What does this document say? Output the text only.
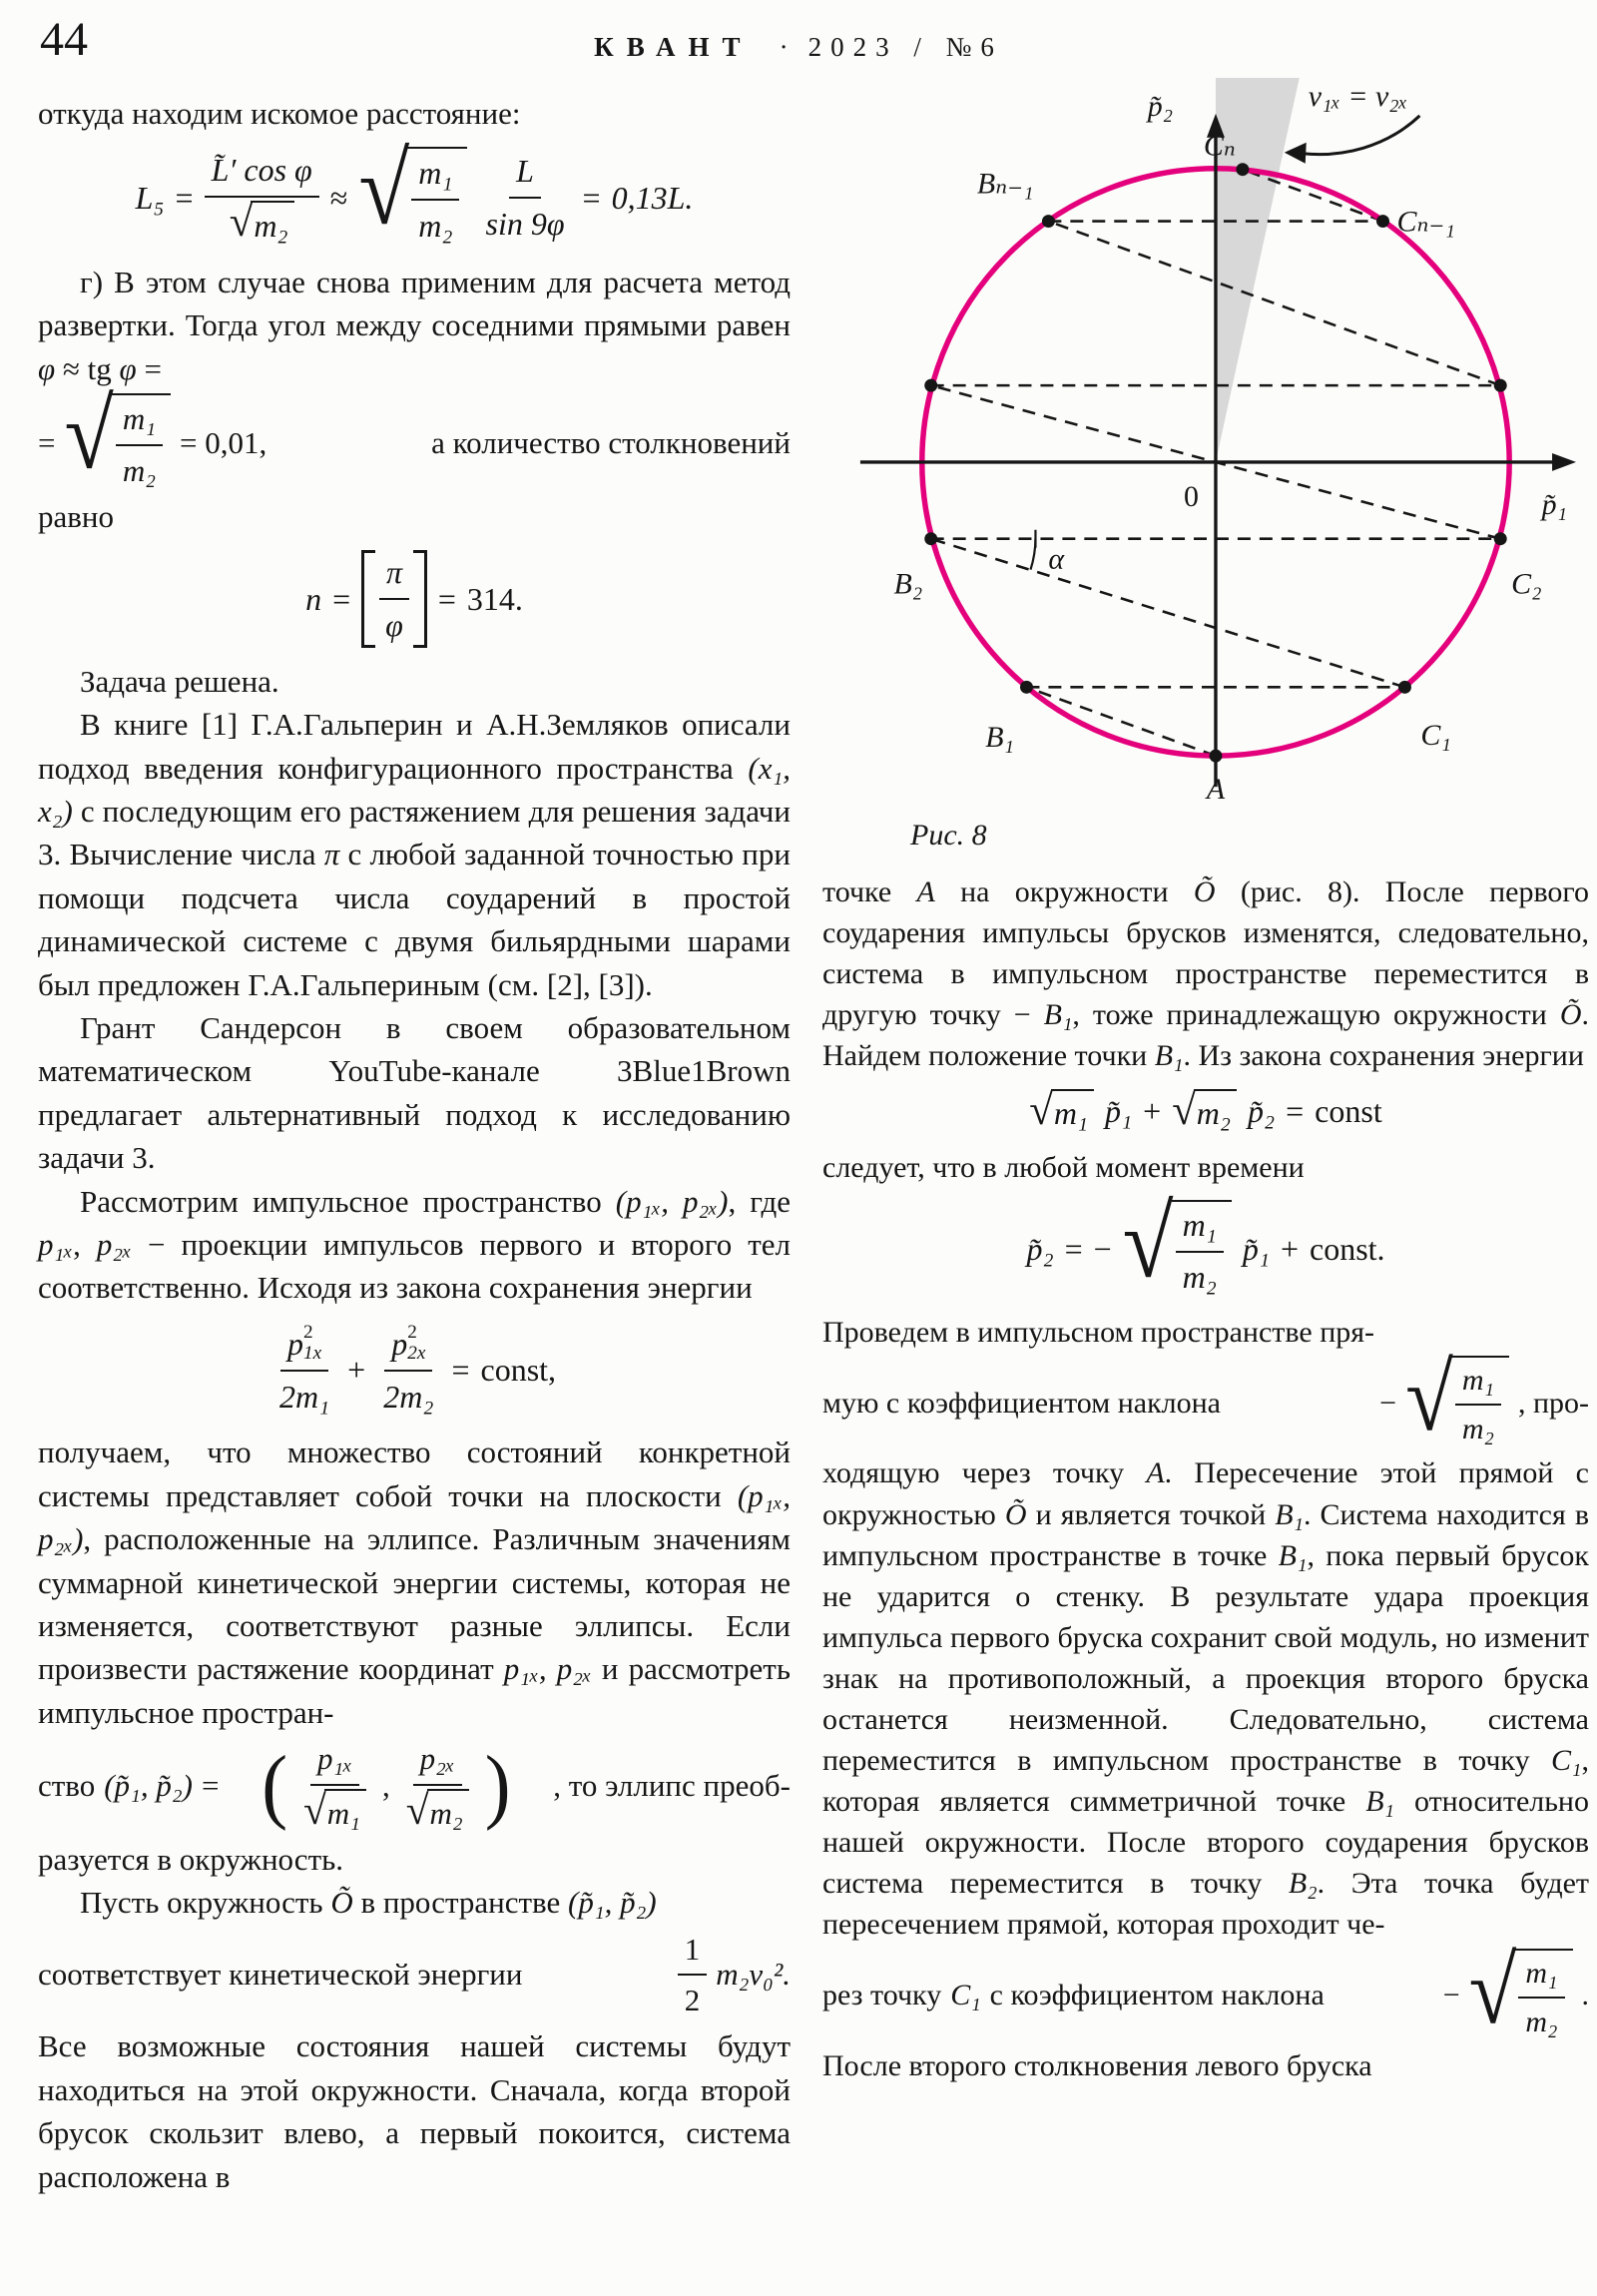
44	КВАНТ · 2023 / №6

откуда находим искомое расстояние:

$L_5 = \frac{\text{L̃′ cos φ}}{\text{√ m₂}}$ ≈ √ $\frac{\text{m₁}}{\text{m₂}} \frac{L}{\sin 9\varphi} = 0,13L$.

г) В этом случае снова применим для расчета метод развертки. Тогда угол между соседними прямыми равен φ ≈ tg φ =

= √ $\frac{\text{m₁}}{\text{m₂}} = 0,01$,	а количество столкновений

равно

$n = \frac{\pi}{\varphi} = 314$.

Задача решена.

В книге [1] Г.А.Гальперин и А.Н.Земляков описали подход введения конфигурационного пространства (x₁, x₂) с последующим его растяжением для решения задачи 3. Вычисление числа π с любой заданной точностью при помощи подсчета числа соударений в простой динамической системе с двумя бильярдными шарами был предложен Г.А.Гальпериным (см. [2], [3]).

Грант Сандерсон в своем образовательном математическом YouTube-канале 3Blue1Brown предлагает альтернативный подход к исследованию задачи 3.

Рассмотрим импульсное пространство (p₁ₓ, p₂ₓ), где p₁ₓ, p₂ₓ − проекции импульсов первого и второго тел соответственно. Исходя из закона сохранения энергии

p 2
1x
2m₁ + p 2
2x
2m₂ = const,

получаем, что множество состояний конкретной системы представляет собой точки на плоскости (p₁ₓ, p₂ₓ), расположенные на эллипсе. Различным значениям суммарной кинетической энергии системы, которая не изменяется, соответствуют разные эллипсы. Если произвести растяжение координат p₁ₓ, p₂ₓ и рассмотреть импульсное простран-

ство (p̃₁, p̃₂) = ( $\frac{\text{p₁ₓ}}{\text{√ m₁}}$ , $\frac{\text{p₂ₓ}}{\text{√ m₂}}$ ) , то эллипс преоб-

разуется в окружность.

Пусть окружность Õ в пространстве (p̃₁, p̃₂)

соответствует кинетической энергии	$\frac{1}{2} m_2v_0^2$.

Все возможные состояния нашей системы будут находиться на этой окружности. Сначала, когда второй брусок скользит влево, а первый покоится, система расположена в

p̃₂
p̃₁
0
v₁ₓ = v₂ₓ
Cₙ
Bₙ₋₁
Cₙ₋₁
B₂	C₂
B₁	C₁
A
α
Рис. 8

точке A на окружности Õ (рис. 8). После первого соударения импульсы брусков изменятся, следовательно, система в импульсном пространстве переместится в другую точку − B₁, тоже принадлежащую окружности Õ. Найдем положение точки B₁. Из закона сохранения энергии

√ m₁ p̃₁ + √ m₂ p̃₂ = const

следует, что в любой момент времени

p̃₂ = − √ $\frac{\text{m₁}}{\text{m₂}}$ p̃₁ + const.

Проведем в импульсном пространстве пря-

мую с коэффициентом наклона	− √ $\frac{\text{m₁}}{\text{m₂}}$ , про-

ходящую через точку A. Пересечение этой прямой с окружностью Õ и является точкой B₁. Система находится в импульсном пространстве в точке B₁, пока первый брусок не ударится о стенку. В результате удара проекция импульса первого бруска сохранит свой модуль, но изменит знак на противоположный, а проекция второго бруска останется неизменной. Следовательно, система переместится в импульсном пространстве в точку C₁, которая является симметричной точке B₁ относительно нашей окружности. После второго соударения брусков система переместится в точку B₂. Эта точка будет пересечением прямой, которая проходит че-

рез точку C₁ с коэффициентом наклона	− √ $\frac{\text{m₁}}{\text{m₂}}$ .

После второго столкновения левого бруска
